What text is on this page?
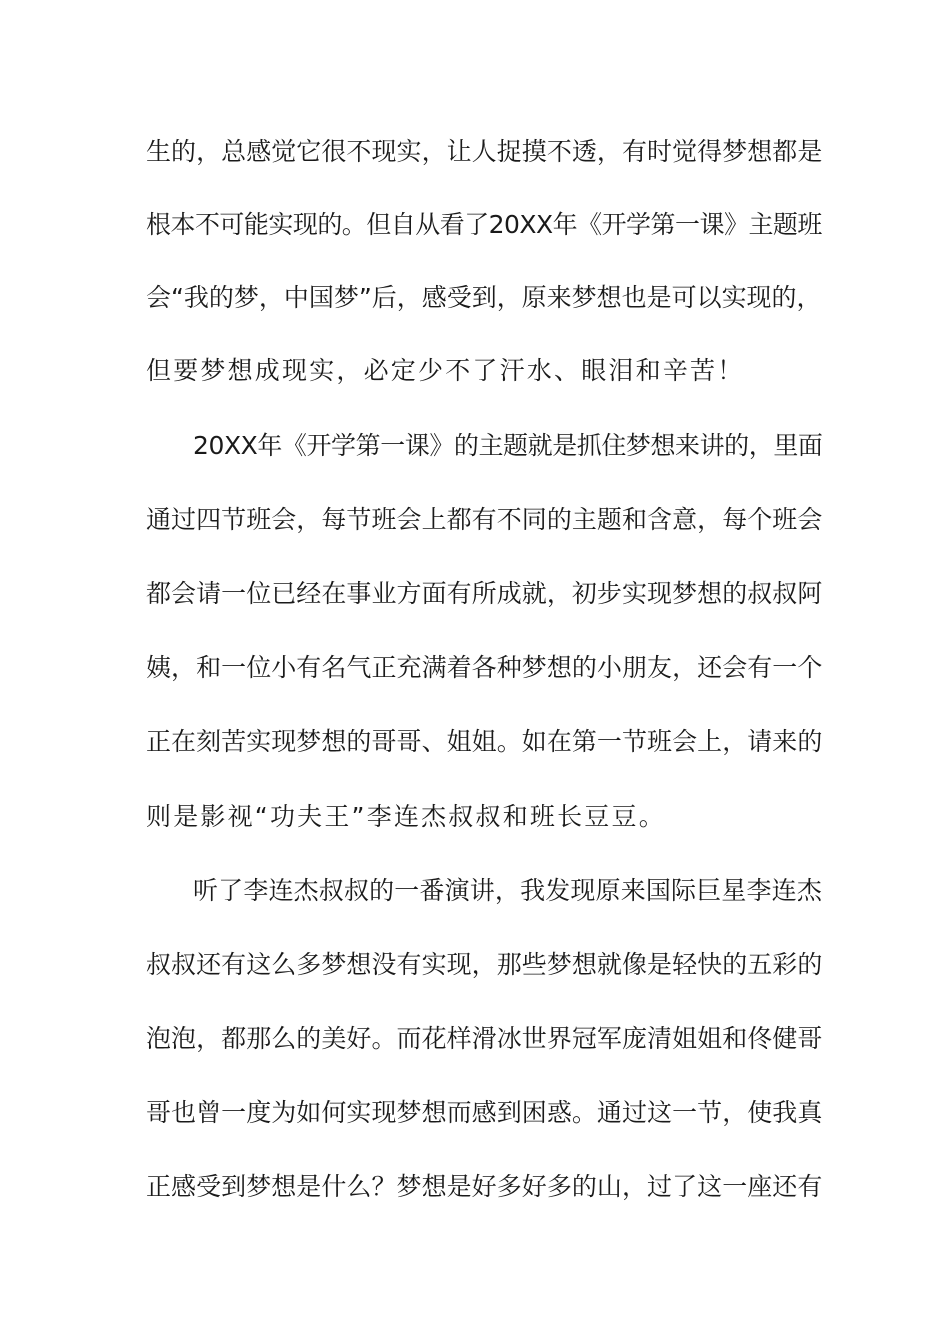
生的，总感觉它很不现实，让人捉摸不透，有时觉得梦想都是
根本不可能实现的。但自从看了20XX年《开学第一课》主题班
会“我的梦，中国梦”后，感受到，原来梦想也是可以实现的，
但要梦想成现实，必定少不了汗水、眼泪和辛苦！
20XX年《开学第一课》的主题就是抓住梦想来讲的，里面
通过四节班会，每节班会上都有不同的主题和含意，每个班会
都会请一位已经在事业方面有所成就，初步实现梦想的叔叔阿
姨，和一位小有名气正充满着各种梦想的小朋友，还会有一个
正在刻苦实现梦想的哥哥、姐姐。如在第一节班会上，请来的
则是影视“功夫王”李连杰叔叔和班长豆豆。
听了李连杰叔叔的一番演讲，我发现原来国际巨星李连杰
叔叔还有这么多梦想没有实现，那些梦想就像是轻快的五彩的
泡泡，都那么的美好。而花样滑冰世界冠军庞清姐姐和佟健哥
哥也曾一度为如何实现梦想而感到困惑。通过这一节，使我真
正感受到梦想是什么？梦想是好多好多的山，过了这一座还有
